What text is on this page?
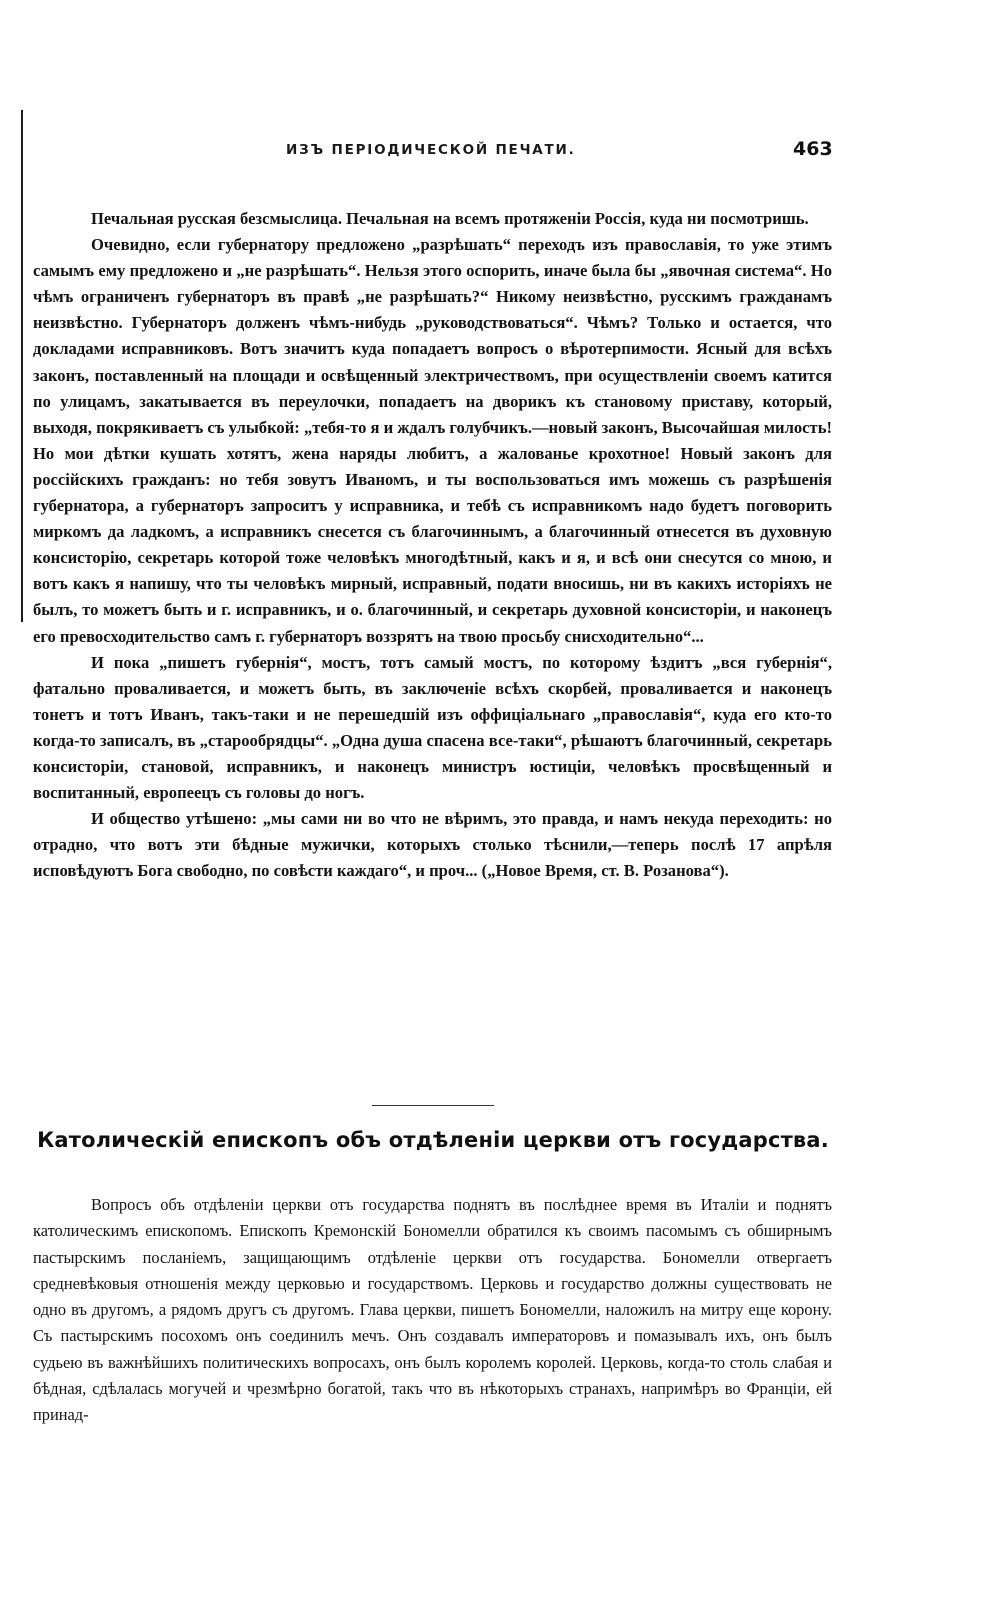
ИЗЪ ПЕРІОДИЧЕСКОЙ ПЕЧАТИ.	463

Печальная русская безсмыслица. Печальная на всемъ протяженіи Россія, куда ни посмотришь.

Очевидно, если губернатору предложено „разрѣшать“ переходъ изъ православія, то уже этимъ самымъ ему предложено и „не разрѣшать“. Нельзя этого оспорить, иначе была бы „явочная система“. Но чѣмъ ограниченъ губернаторъ въ правѣ „не разрѣшать?“ Никому неизвѣстно, русскимъ гражданамъ неизвѣстно. Губернаторъ долженъ чѣмъ-нибудь „руководствоваться“. Чѣмъ? Только и остается, что докладами исправниковъ. Вотъ значитъ куда попадаетъ вопросъ о вѣротерпимости. Ясный для всѣхъ законъ, поставленный на площади и освѣщенный электричествомъ, при осуществленіи своемъ катится по улицамъ, закатывается въ переулочки, попадаетъ на дворикъ къ становому приставу, который, выходя, покрякиваетъ съ улыбкой: „тебя-то я и ждалъ голубчикъ.—новый законъ, Высочайшая милость! Но мои дѣтки кушать хотятъ, жена наряды любитъ, а жалованье крохотное! Новый законъ для россійскихъ гражданъ: но тебя зовутъ Иваномъ, и ты воспользоваться имъ можешь съ разрѣшенія губернатора, а губернаторъ запроситъ у исправника, и тебѣ съ исправникомъ надо будетъ поговорить миркомъ да ладкомъ, а исправникъ снесется съ благочиннымъ, а благочинный отнесется въ духовную консисторію, секретарь которой тоже человѣкъ многодѣтный, какъ и я, и всѣ они снесутся со мною, и вотъ какъ я напишу, что ты человѣкъ мирный, исправный, подати вносишь, ни въ какихъ исторіяхъ не былъ, то можетъ быть и г. исправникъ, и о. благочинный, и секретарь духовной консисторіи, и наконецъ его превосходительство самъ г. губернаторъ воззрятъ на твою просьбу снисходительно“...

И пока „пишетъ губернія“, мостъ, тотъ самый мостъ, по которому ѣздитъ „вся губернія“, фатально проваливается, и можетъ быть, въ заключеніе всѣхъ скорбей, проваливается и наконецъ тонетъ и тотъ Иванъ, такъ-таки и не перешедшій изъ оффиціальнаго „православія“, куда его кто-то когда-то записалъ, въ „старообрядцы“. „Одна душа спасена все-таки“, рѣшаютъ благочинный, секретарь консисторіи, становой, исправникъ, и наконецъ министръ юстиціи, человѣкъ просвѣщенный и воспитанный, европеецъ съ головы до ногъ.

И общество утѣшено: „мы сами ни во что не вѣримъ, это правда, и намъ некуда переходить: но отрадно, что вотъ эти бѣдные мужички, которыхъ столько тѣснили,—теперь послѣ 17 апрѣля исповѣдуютъ Бога свободно, по совѣсти каждаго“, и проч... („Новое Время, ст. В. Розанова“).

Католическій епископъ объ отдѣленіи церкви отъ государства.

Вопросъ объ отдѣленіи церкви отъ государства поднятъ въ послѣднее время въ Италіи и поднятъ католическимъ епископомъ. Епископъ Кремонскій Бономелли обратился къ своимъ пасомымъ съ обширнымъ пастырскимъ посланіемъ, защищающимъ отдѣленіе церкви отъ государства. Бономелли отвергаетъ средневѣковыя отношенія между церковью и государствомъ. Церковь и государство должны существовать не одно въ другомъ, а рядомъ другъ съ другомъ. Глава церкви, пишетъ Бономелли, наложилъ на митру еще корону. Съ пастырскимъ посохомъ онъ соединилъ мечъ. Онъ создавалъ императоровъ и помазывалъ ихъ, онъ былъ судьею въ важнѣйшихъ политическихъ вопросахъ, онъ былъ королемъ королей. Церковь, когда-то столь слабая и бѣдная, сдѣлалась могучей и чрезмѣрно богатой, такъ что въ нѣкоторыхъ странахъ, напримѣръ во Франціи, ей принад-
